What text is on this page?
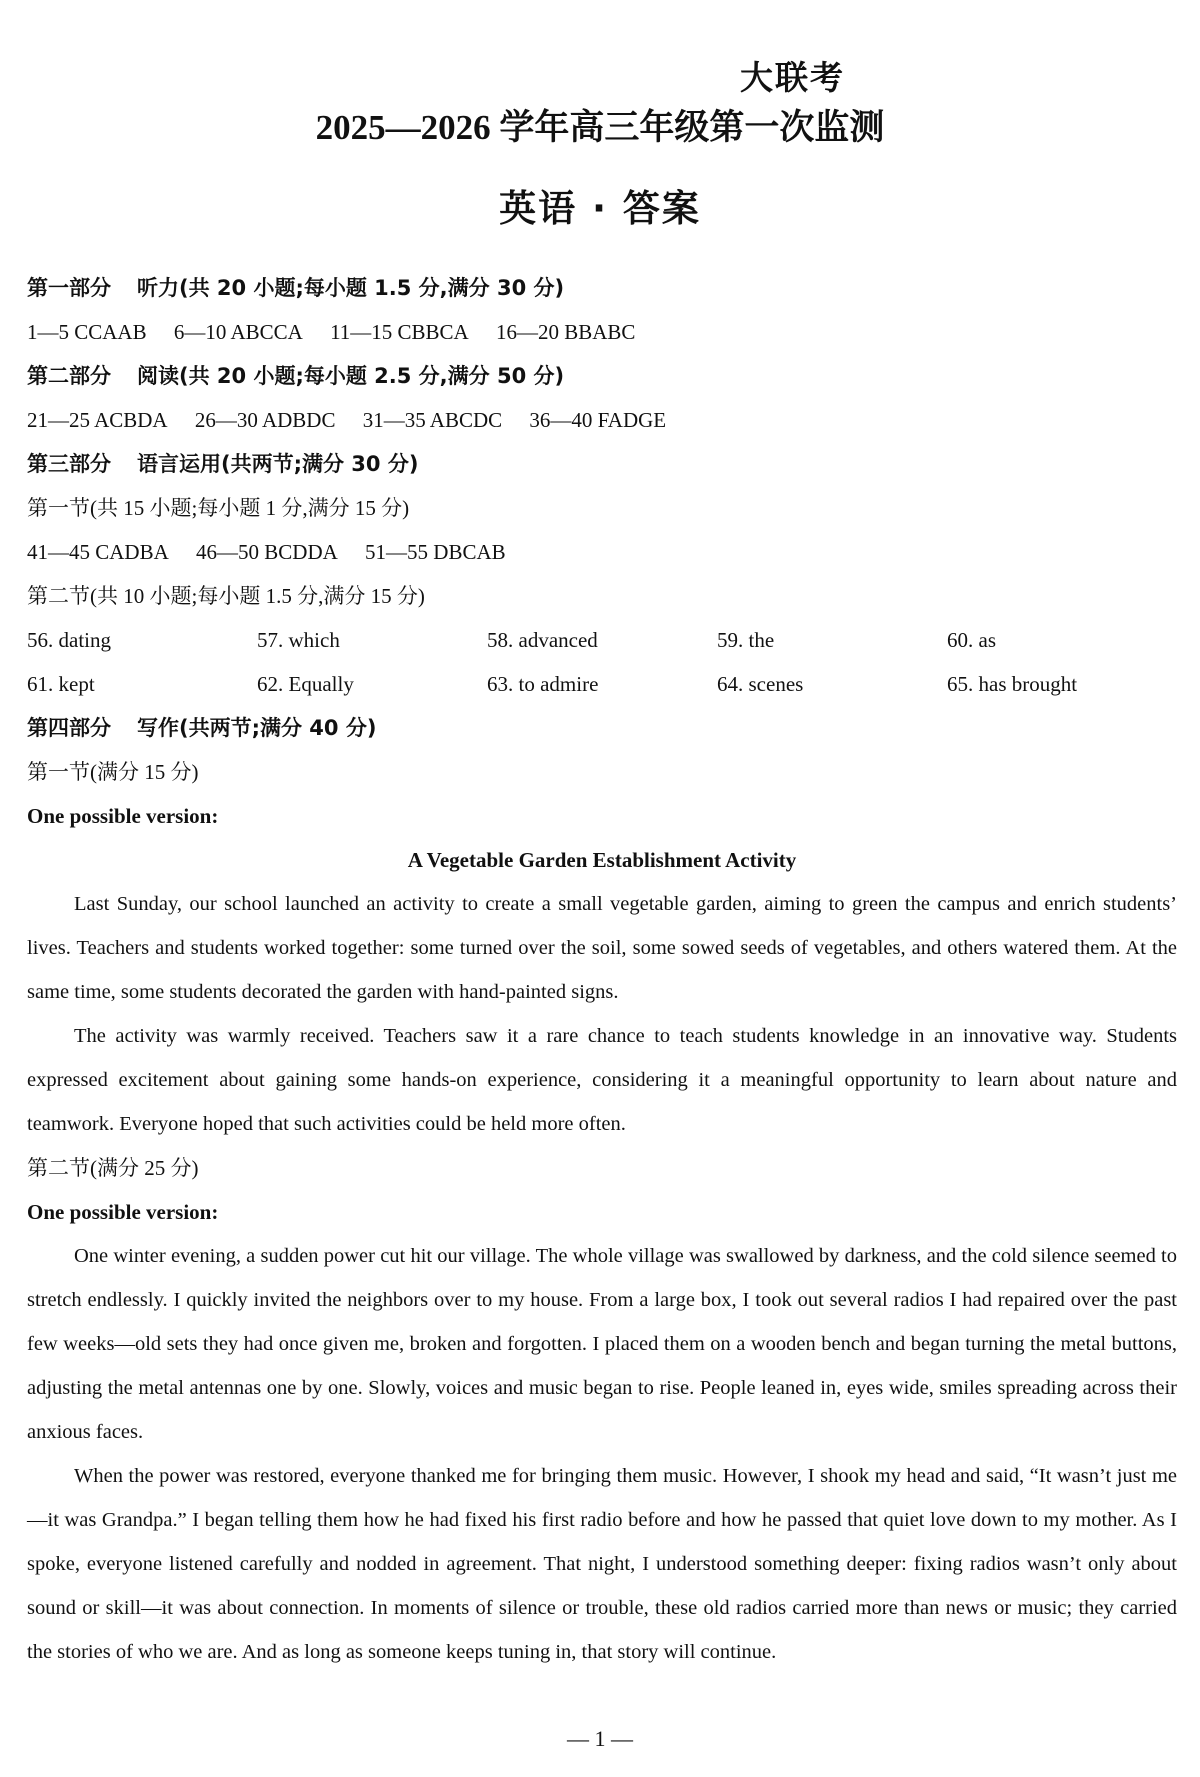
大联考
2025—2026 学年高三年级第一次监测
英语 · 答案
第一部分 听力(共 20 小题;每小题 1.5 分,满分 30 分)
1—5 CCAAB 6—10 ABCCA 11—15 CBBCA 16—20 BBABC
第二部分 阅读(共 20 小题;每小题 2.5 分,满分 50 分)
21—25 ACBDA 26—30 ADBDC 31—35 ABCDC 36—40 FADGE
第三部分 语言运用(共两节;满分 30 分)
第一节(共 15 小题;每小题 1 分,满分 15 分)
41—45 CADBA 46—50 BCDDA 51—55 DBCAB
第二节(共 10 小题;每小题 1.5 分,满分 15 分)
56. dating	57. which	58. advanced	59. the	60. as
61. kept	62. Equally	63. to admire	64. scenes	65. has brought
第四部分 写作(共两节;满分 40 分)
第一节(满分 15 分)
One possible version:
A Vegetable Garden Establishment Activity

Last Sunday, our school launched an activity to create a small vegetable garden, aiming to green the campus and enrich students’ lives. Teachers and students worked together: some turned over the soil, some sowed seeds of vegetables, and others watered them. At the same time, some students decorated the garden with hand-painted signs.

The activity was warmly received. Teachers saw it a rare chance to teach students knowledge in an innovative way. Students expressed excitement about gaining some hands-on experience, considering it a meaningful opportunity to learn about nature and teamwork. Everyone hoped that such activities could be held more often.

第二节(满分 25 分)
One possible version:

One winter evening, a sudden power cut hit our village. The whole village was swallowed by darkness, and the cold silence seemed to stretch endlessly. I quickly invited the neighbors over to my house. From a large box, I took out several radios I had repaired over the past few weeks—old sets they had once given me, broken and forgotten. I placed them on a wooden bench and began turning the metal buttons, adjusting the metal antennas one by one. Slowly, voices and music began to rise. People leaned in, eyes wide, smiles spreading across their anxious faces.

When the power was restored, everyone thanked me for bringing them music. However, I shook my head and said, “It wasn’t just me—it was Grandpa.” I began telling them how he had fixed his first radio before and how he passed that quiet love down to my mother. As I spoke, everyone listened carefully and nodded in agreement. That night, I understood something deeper: fixing radios wasn’t only about sound or skill—it was about connection. In moments of silence or trouble, these old radios carried more than news or music; they carried the stories of who we are. And as long as someone keeps tuning in, that story will continue.

— 1 —
